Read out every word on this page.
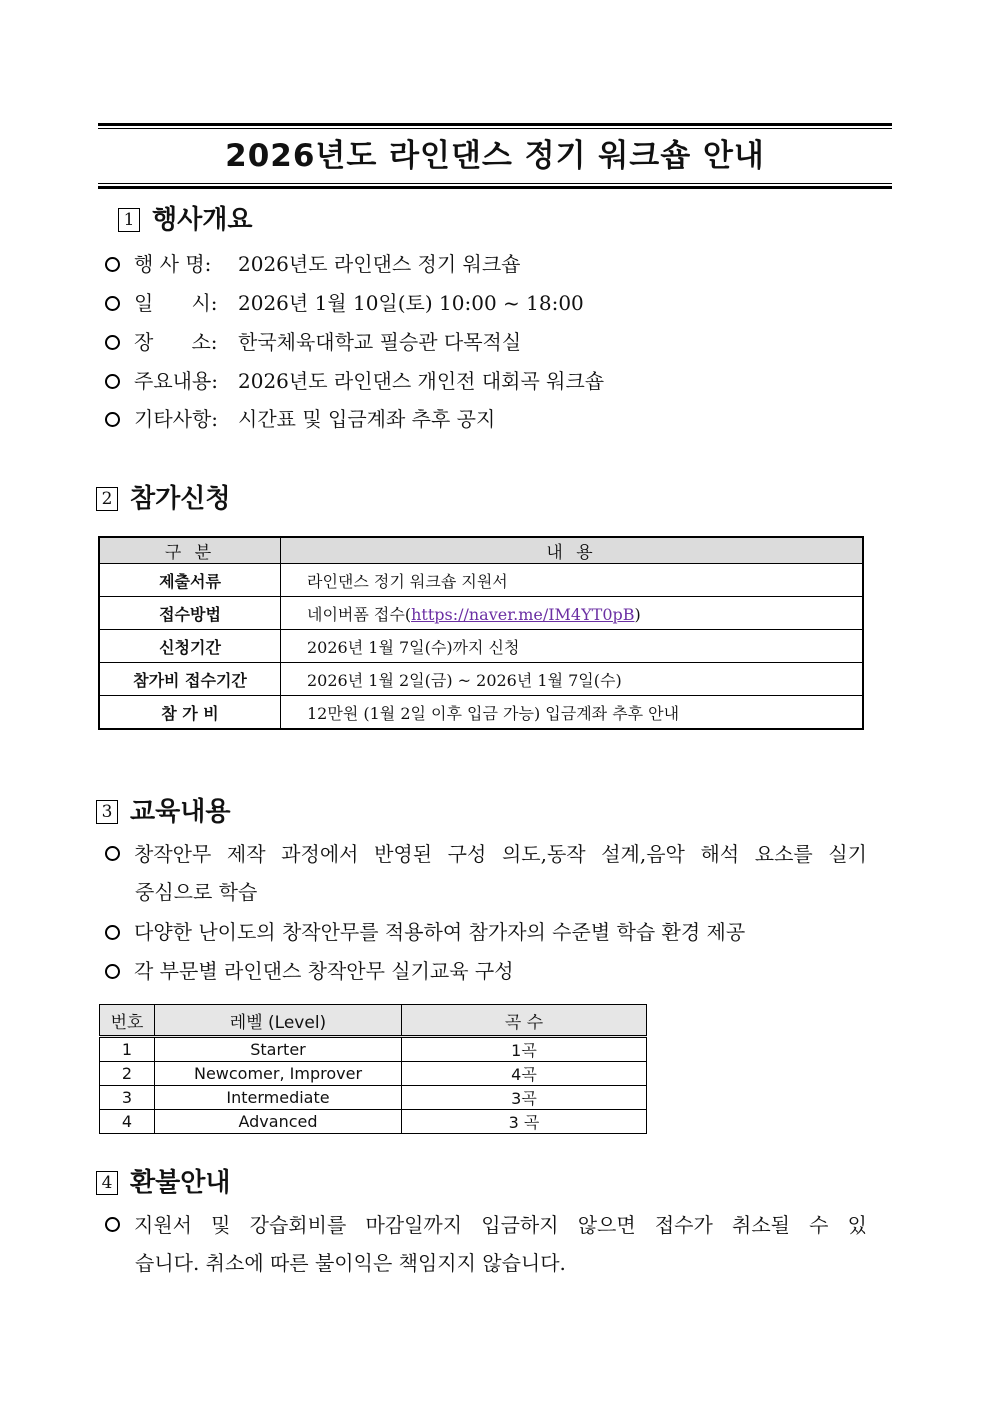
2026년도 라인댄스 정기 워크숍 안내
1 행사개요
행 사 명:	2026년도 라인댄스 정기 워크숍
일      시:	2026년 1월 10일(토) 10:00 ~ 18:00
장      소:	한국체육대학교 필승관 다목적실
주요내용: 2026년도 라인댄스 개인전 대회곡 워크숍
기타사항: 시간표 및 입금계좌 추후 공지
2 참가신청
구 분	내 용
제출서류	라인댄스 정기 워크숍 지원서
접수방법	네이버폼 접수(https://naver.me/IM4YT0pB)
신청기간	2026년 1월 7일(수)까지 신청
참가비 접수기간	2026년 1월 2일(금) ~ 2026년 1월 7일(수)
참 가 비	12만원 (1월 2일 이후 입금 가능) 입금계좌 추후 안내
3 교육내용
창작안무 제작 과정에서 반영된 구성 의도,동작 설계,음악 해석 요소를 실기
중심으로 학습
다양한 난이도의 창작안무를 적용하여 참가자의 수준별 학습 환경 제공
각 부문별 라인댄스 창작안무 실기교육 구성
번호	레벨 (Level)	곡 수
1	Starter	1곡
2	Newcomer, Improver	4곡
3	Intermediate	3곡
4	Advanced	3 곡
4 환불안내
지원서 및 강습회비를 마감일까지 입금하지 않으면 접수가 취소될 수 있
습니다. 취소에 따른 불이익은 책임지지 않습니다.
